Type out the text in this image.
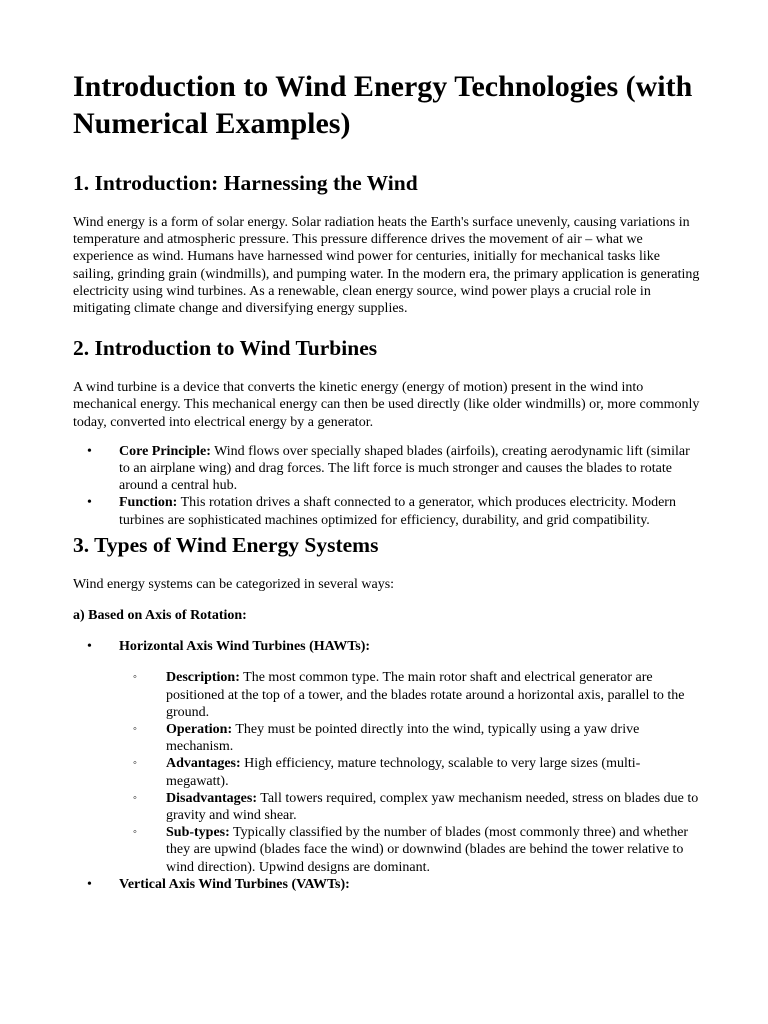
Introduction to Wind Energy Technologies (with Numerical Examples)
1. Introduction: Harnessing the Wind

Wind energy is a form of solar energy. Solar radiation heats the Earth's surface unevenly, causing variations in temperature and atmospheric pressure. This pressure difference drives the movement of air – what we experience as wind. Humans have harnessed wind power for centuries, initially for mechanical tasks like sailing, grinding grain (windmills), and pumping water. In the modern era, the primary application is generating electricity using wind turbines. As a renewable, clean energy source, wind power plays a crucial role in mitigating climate change and diversifying energy supplies.

2. Introduction to Wind Turbines

A wind turbine is a device that converts the kinetic energy (energy of motion) present in the wind into mechanical energy. This mechanical energy can then be used directly (like older windmills) or, more commonly today, converted into electrical energy by a generator.

• Core Principle: Wind flows over specially shaped blades (airfoils), creating aerodynamic lift (similar to an airplane wing) and drag forces. The lift force is much stronger and causes the blades to rotate around a central hub.
• Function: This rotation drives a shaft connected to a generator, which produces electricity. Modern turbines are sophisticated machines optimized for efficiency, durability, and grid compatibility.
3. Types of Wind Energy Systems

Wind energy systems can be categorized in several ways:

a) Based on Axis of Rotation:

• Horizontal Axis Wind Turbines (HAWTs):
◦ Description: The most common type. The main rotor shaft and electrical generator are positioned at the top of a tower, and the blades rotate around a horizontal axis, parallel to the ground.
◦ Operation: They must be pointed directly into the wind, typically using a yaw drive mechanism.
◦ Advantages: High efficiency, mature technology, scalable to very large sizes (multi-megawatt).
◦ Disadvantages: Tall towers required, complex yaw mechanism needed, stress on blades due to gravity and wind shear.
◦ Sub-types: Typically classified by the number of blades (most commonly three) and whether they are upwind (blades face the wind) or downwind (blades are behind the tower relative to wind direction). Upwind designs are dominant.
• Vertical Axis Wind Turbines (VAWTs):
